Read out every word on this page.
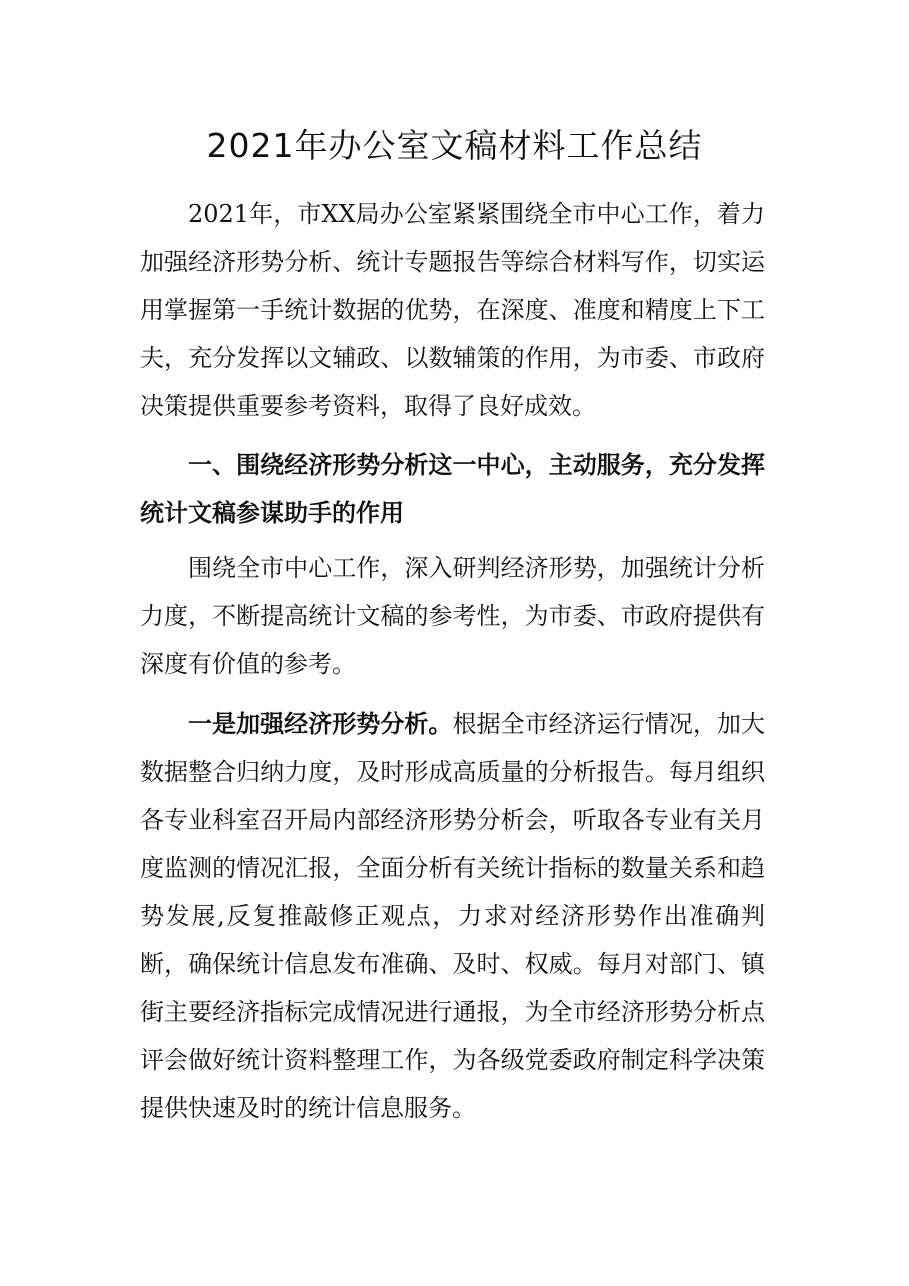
2021年办公室文稿材料工作总结

2021年，市XX局办公室紧紧围绕全市中心工作，着力加强经济形势分析、统计专题报告等综合材料写作，切实运用掌握第一手统计数据的优势，在深度、准度和精度上下工夫，充分发挥以文辅政、以数辅策的作用，为市委、市政府决策提供重要参考资料，取得了良好成效。

一、围绕经济形势分析这一中心，主动服务，充分发挥统计文稿参谋助手的作用

围绕全市中心工作，深入研判经济形势，加强统计分析力度，不断提高统计文稿的参考性，为市委、市政府提供有深度有价值的参考。

一是加强经济形势分析。根据全市经济运行情况，加大数据整合归纳力度，及时形成高质量的分析报告。每月组织各专业科室召开局内部经济形势分析会，听取各专业有关月度监测的情况汇报，全面分析有关统计指标的数量关系和趋势发展,反复推敲修正观点，力求对经济形势作出准确判断，确保统计信息发布准确、及时、权威。每月对部门、镇街主要经济指标完成情况进行通报，为全市经济形势分析点评会做好统计资料整理工作，为各级党委政府制定科学决策提供快速及时的统计信息服务。
